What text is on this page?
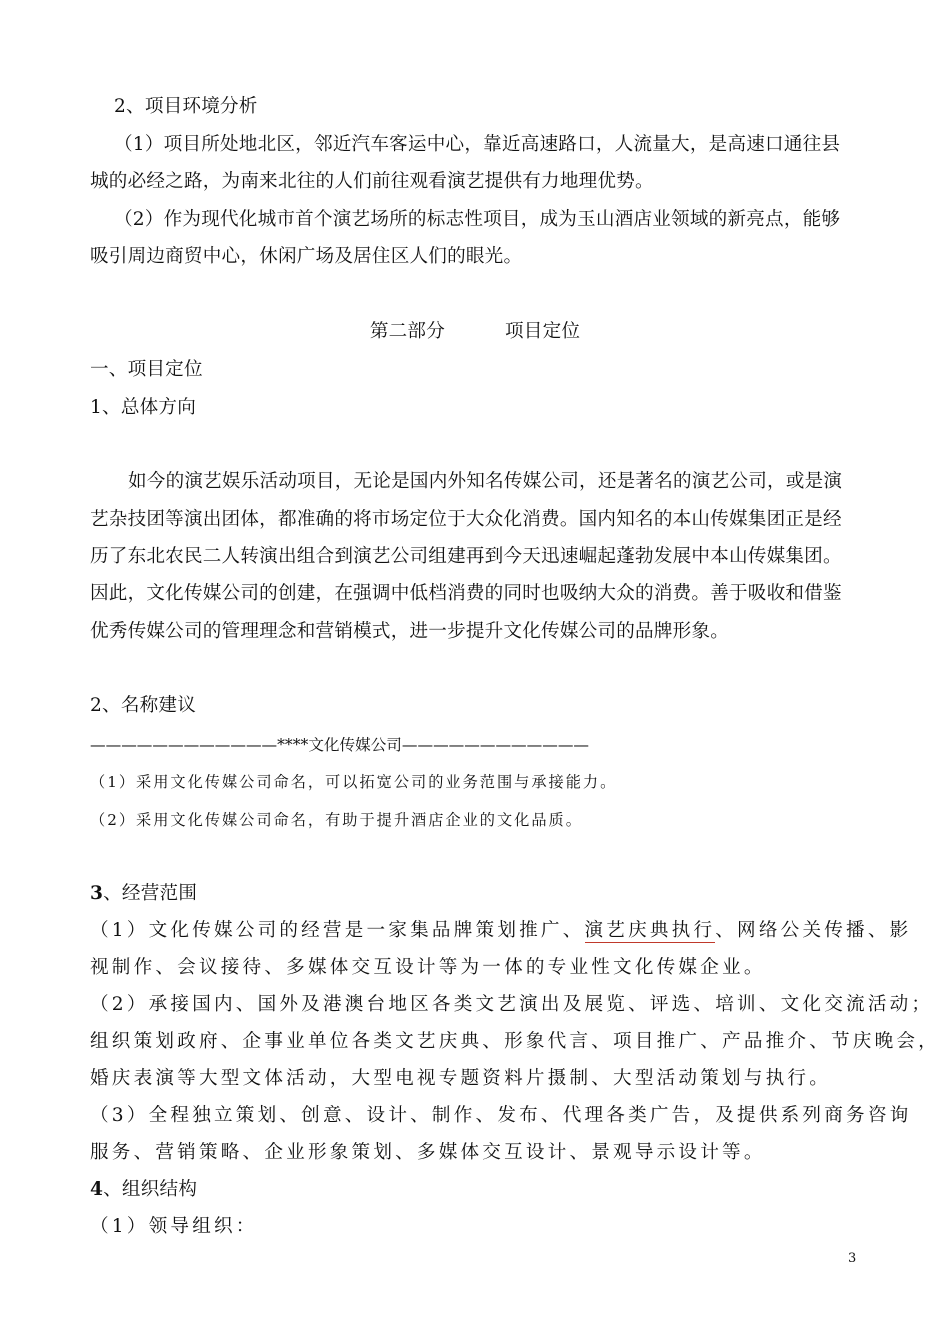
2、项目环境分析
（1）项目所处地北区，邻近汽车客运中心，靠近高速路口，人流量大，是高速口通往县
城的必经之路，为南来北往的人们前往观看演艺提供有力地理优势。
（2）作为现代化城市首个演艺场所的标志性项目，成为玉山酒店业领域的新亮点，能够
吸引周边商贸中心，休闲广场及居住区人们的眼光。
第二部分	项目定位
一、项目定位
1、总体方向
如今的演艺娱乐活动项目，无论是国内外知名传媒公司，还是著名的演艺公司，或是演
艺杂技团等演出团体，都准确的将市场定位于大众化消费。国内知名的本山传媒集团正是经
历了东北农民二人转演出组合到演艺公司组建再到今天迅速崛起蓬勃发展中本山传媒集团。
因此，文化传媒公司的创建，在强调中低档消费的同时也吸纳大众的消费。善于吸收和借鉴
优秀传媒公司的管理理念和营销模式，进一步提升文化传媒公司的品牌形象。
2、名称建议
————————————****文化传媒公司————————————
（1）采用文化传媒公司命名，可以拓宽公司的业务范围与承接能力。
（2）采用文化传媒公司命名，有助于提升酒店企业的文化品质。
3、经营范围
（1）文化传媒公司的经营是一家集品牌策划推广、演艺庆典执行、网络公关传播、影
视制作、会议接待、多媒体交互设计等为一体的专业性文化传媒企业。
（2）承接国内、国外及港澳台地区各类文艺演出及展览、评选、培训、文化交流活动；
组织策划政府、企事业单位各类文艺庆典、形象代言、项目推广、产品推介、节庆晚会，
婚庆表演等大型文体活动，大型电视专题资料片摄制、大型活动策划与执行。
（3）全程独立策划、创意、设计、制作、发布、代理各类广告，及提供系列商务咨询
服务、营销策略、企业形象策划、多媒体交互设计、景观导示设计等。
4、组织结构
（1）领导组织：
3
